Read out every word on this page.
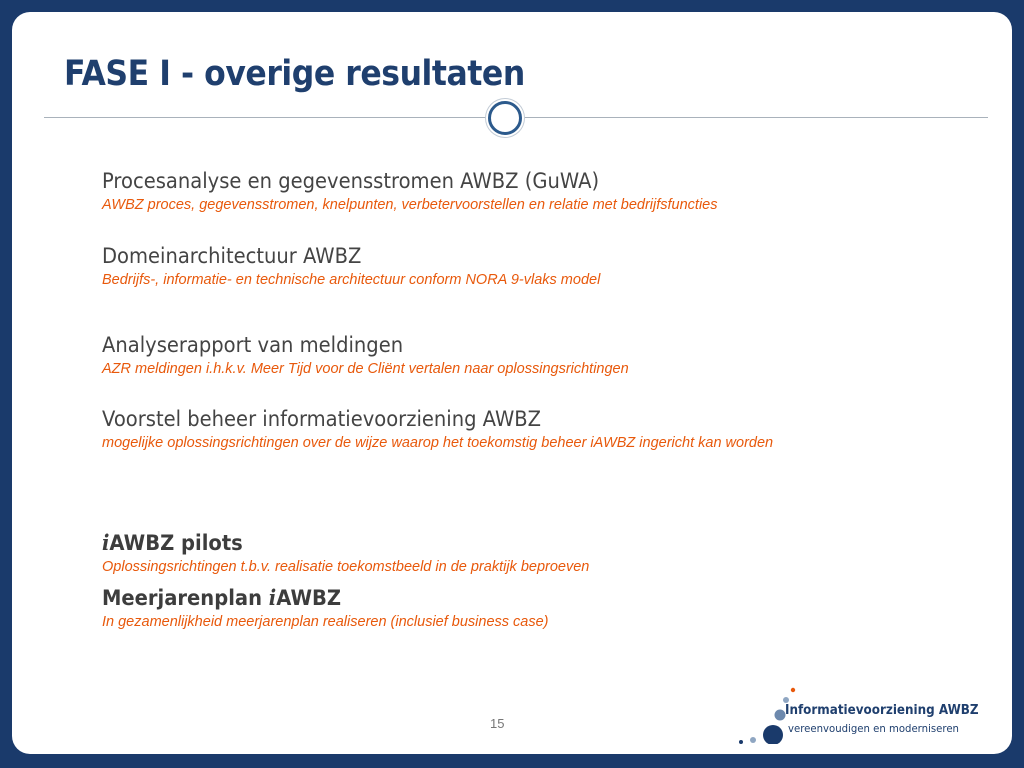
FASE I - overige resultaten
Procesanalyse en gegevensstromen AWBZ (GuWA)
AWBZ proces, gegevensstromen, knelpunten, verbetervoorstellen en relatie met bedrijfsfuncties
Domeinarchitectuur AWBZ
Bedrijfs-, informatie- en technische architectuur conform NORA 9-vlaks model
Analyserapport van meldingen
AZR meldingen i.h.k.v. Meer Tijd voor de Cliënt vertalen naar oplossingsrichtingen
Voorstel beheer informatievoorziening AWBZ
mogelijke oplossingsrichtingen over de wijze waarop het toekomstig beheer iAWBZ ingericht kan worden
iAWBZ pilots
Oplossingsrichtingen t.b.v. realisatie toekomstbeeld in de praktijk beproeven
Meerjarenplan iAWBZ
In gezamenlijkheid meerjarenplan realiseren (inclusief business case)
15
Informatievoorziening AWBZ
vereenvoudigen en moderniseren
